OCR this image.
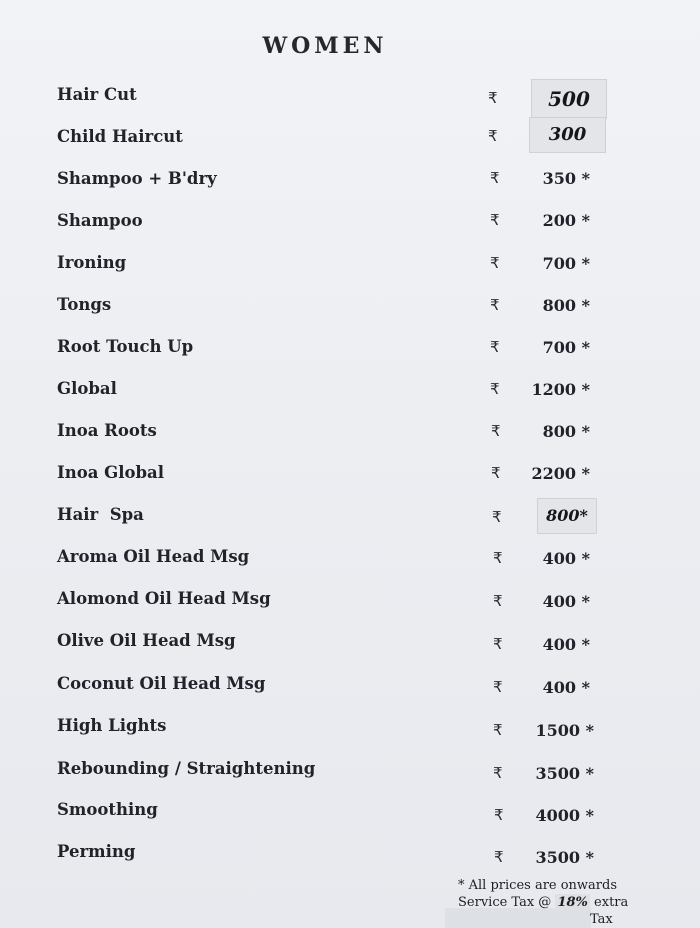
WOMEN
Hair Cut	₹	500
Child Haircut	₹	300
Shampoo + B'dry	₹	350 *
Shampoo	₹	200 *
Ironing	₹	700 *
Tongs	₹	800 *
Root Touch Up	₹	700 *
Global	₹ 1200 *
Inoa Roots	₹	800 *
Inoa Global	₹ 2200 *
Hair  Spa	₹	800*
Aroma Oil Head Msg	₹	400 *
Alomond Oil Head Msg	₹	400 *
Olive Oil Head Msg	₹	400 *
Coconut Oil Head Msg	₹	400 *
High Lights	₹ 1500 *
Rebounding / Straightening	₹ 3500 *
Smoothing	₹ 4000 *
Perming	₹ 3500 *
* All prices are onwards
Service Tax @ 18% extra
Tax
